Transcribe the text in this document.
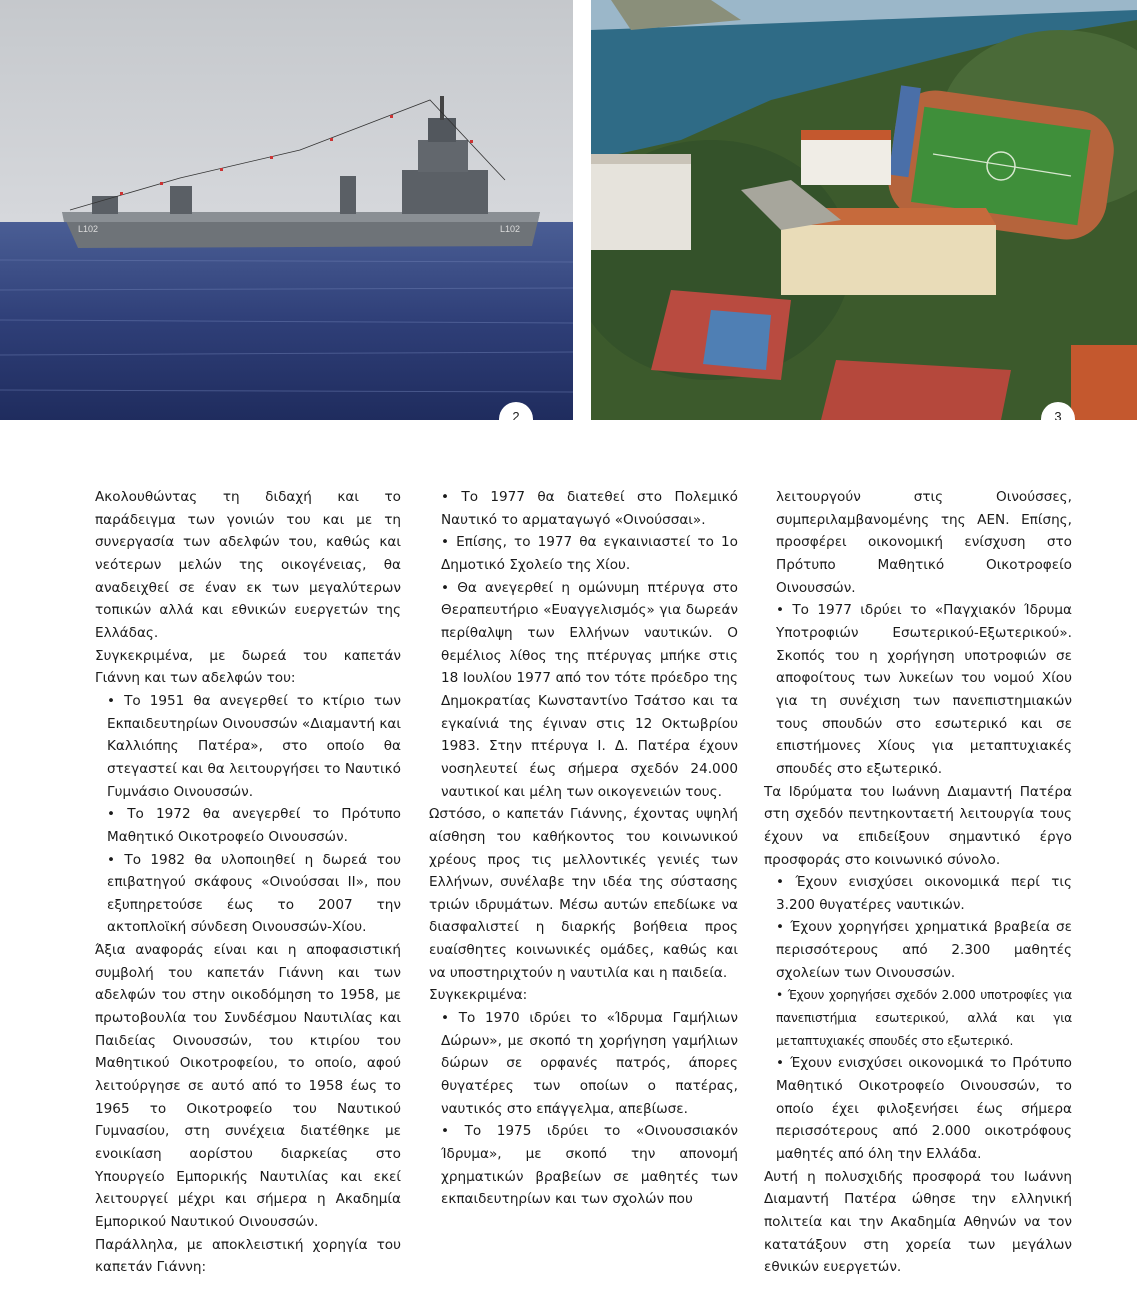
L102	L102
2	3

Ακολουθώντας τη διδαχή και το παράδειγμα των γονιών του και με τη συνεργασία των αδελφών του, καθώς και νεότερων μελών της οικογένειας, θα αναδειχθεί σε έναν εκ των μεγαλύτερων τοπικών αλλά και εθνικών ευεργετών της Ελλάδας.

Συγκεκριμένα, με δωρεά του καπετάν Γιάννη και των αδελφών του:

• Το 1951 θα ανεγερθεί το κτίριο των Εκπαιδευτηρίων Οινουσσών «Διαμαντή και Καλλιόπης Πατέρα», στο οποίο θα στεγαστεί και θα λειτουργήσει το Ναυτικό Γυμνάσιο Οινουσσών.

• Το 1972 θα ανεγερθεί το Πρότυπο Μαθητικό Οικοτροφείο Οινουσσών.

• Το 1982 θα υλοποιηθεί η δωρεά του επιβατηγού σκάφους «Οινούσσαι ΙΙ», που εξυπηρετούσε έως το 2007 την ακτοπλοϊκή σύνδεση Οινουσσών-Χίου.

Άξια αναφοράς είναι και η αποφασιστική συμβολή του καπετάν Γιάννη και των αδελφών του στην οικοδόμηση το 1958, με πρωτοβουλία του Συνδέσμου Ναυτιλίας και Παιδείας Οινουσσών, του κτιρίου του Μαθητικού Οικοτροφείου, το οποίο, αφού λειτούργησε σε αυτό από το 1958 έως το 1965 το Οικοτροφείο του Ναυτικού Γυμνασίου, στη συνέχεια διατέθηκε με ενοικίαση αορίστου διαρκείας στο Υπουργείο Εμπορικής Ναυτιλίας και εκεί λειτουργεί μέχρι και σήμερα η Ακαδημία Εμπορικού Ναυτικού Οινουσσών.

Παράλληλα, με αποκλειστική χορηγία του καπετάν Γιάννη:

• Το 1977 θα διατεθεί στο Πολεμικό Ναυτικό το αρματαγωγό «Οινούσσαι».

• Επίσης, το 1977 θα εγκαινιαστεί το 1ο Δημοτικό Σχολείο της Χίου.

• Θα ανεγερθεί η ομώνυμη πτέρυγα στο Θεραπευτήριο «Ευαγγελισμός» για δωρεάν περίθαλψη των Ελλήνων ναυτικών. Ο θεμέλιος λίθος της πτέρυγας μπήκε στις 18 Ιουλίου 1977 από τον τότε πρόεδρο της Δημοκρατίας Κωνσταντίνο Τσάτσο και τα εγκαίνιά της έγιναν στις 12 Οκτωβρίου 1983. Στην πτέρυγα Ι. Δ. Πατέρα έχουν νοσηλευτεί έως σήμερα σχεδόν 24.000 ναυτικοί και μέλη των οικογενειών τους.

Ωστόσο, ο καπετάν Γιάννης, έχοντας υψηλή αίσθηση του καθήκοντος του κοινωνικού χρέους προς τις μελλοντικές γενιές των Ελλήνων, συνέλαβε την ιδέα της σύστασης τριών ιδρυμάτων. Μέσω αυτών επεδίωκε να διασφαλιστεί η διαρκής βοήθεια προς ευαίσθητες κοινωνικές ομάδες, καθώς και να υποστηριχτούν η ναυτιλία και η παιδεία.

Συγκεκριμένα:

• Το 1970 ιδρύει το «Ίδρυμα Γαμήλιων Δώρων», με σκοπό τη χορήγηση γαμήλιων δώρων σε ορφανές πατρός, άπορες θυγατέρες των οποίων ο πατέρας, ναυτικός στο επάγγελμα, απεβίωσε.

• Το 1975 ιδρύει το «Οινουσσιακόν Ίδρυμα», με σκοπό την απονομή χρηματικών βραβείων σε μαθητές των εκπαιδευτηρίων και των σχολών που

λειτουργούν στις Οινούσσες, συμπεριλαμβανομένης της ΑΕΝ. Επίσης, προσφέρει οικονομική ενίσχυση στο Πρότυπο Μαθητικό Οικοτροφείο Οινουσσών.

• Το 1977 ιδρύει το «Παγχιακόν Ίδρυμα Υποτροφιών Εσωτερικού-Εξωτερικού». Σκοπός του η χορήγηση υποτροφιών σε αποφοίτους των λυκείων του νομού Χίου για τη συνέχιση των πανεπιστημιακών τους σπουδών στο εσωτερικό και σε επιστήμονες Χίους για μεταπτυχιακές σπουδές στο εξωτερικό.

Τα Ιδρύματα του Ιωάννη Διαμαντή Πατέρα στη σχεδόν πεντηκονταετή λειτουργία τους έχουν να επιδείξουν σημαντικό έργο προσφοράς στο κοινωνικό σύνολο.

• Έχουν ενισχύσει οικονομικά περί τις 3.200 θυγατέρες ναυτικών.

• Έχουν χορηγήσει χρηματικά βραβεία σε περισσότερους από 2.300 μαθητές σχολείων των Οινουσσών.

• Έχουν χορηγήσει σχεδόν 2.000 υποτροφίες για πανεπιστήμια εσωτερικού, αλλά και για μεταπτυχιακές σπουδές στο εξωτερικό.

• Έχουν ενισχύσει οικονομικά το Πρότυπο Μαθητικό Οικοτροφείο Οινουσσών, το οποίο έχει φιλοξενήσει έως σήμερα περισσότερους από 2.000 οικοτρόφους μαθητές από όλη την Ελλάδα.

Αυτή η πολυσχιδής προσφορά του Ιωάννη Διαμαντή Πατέρα ώθησε την ελληνική πολιτεία και την Ακαδημία Αθηνών να τον κατατάξουν στη χορεία των μεγάλων εθνικών ευεργετών.
